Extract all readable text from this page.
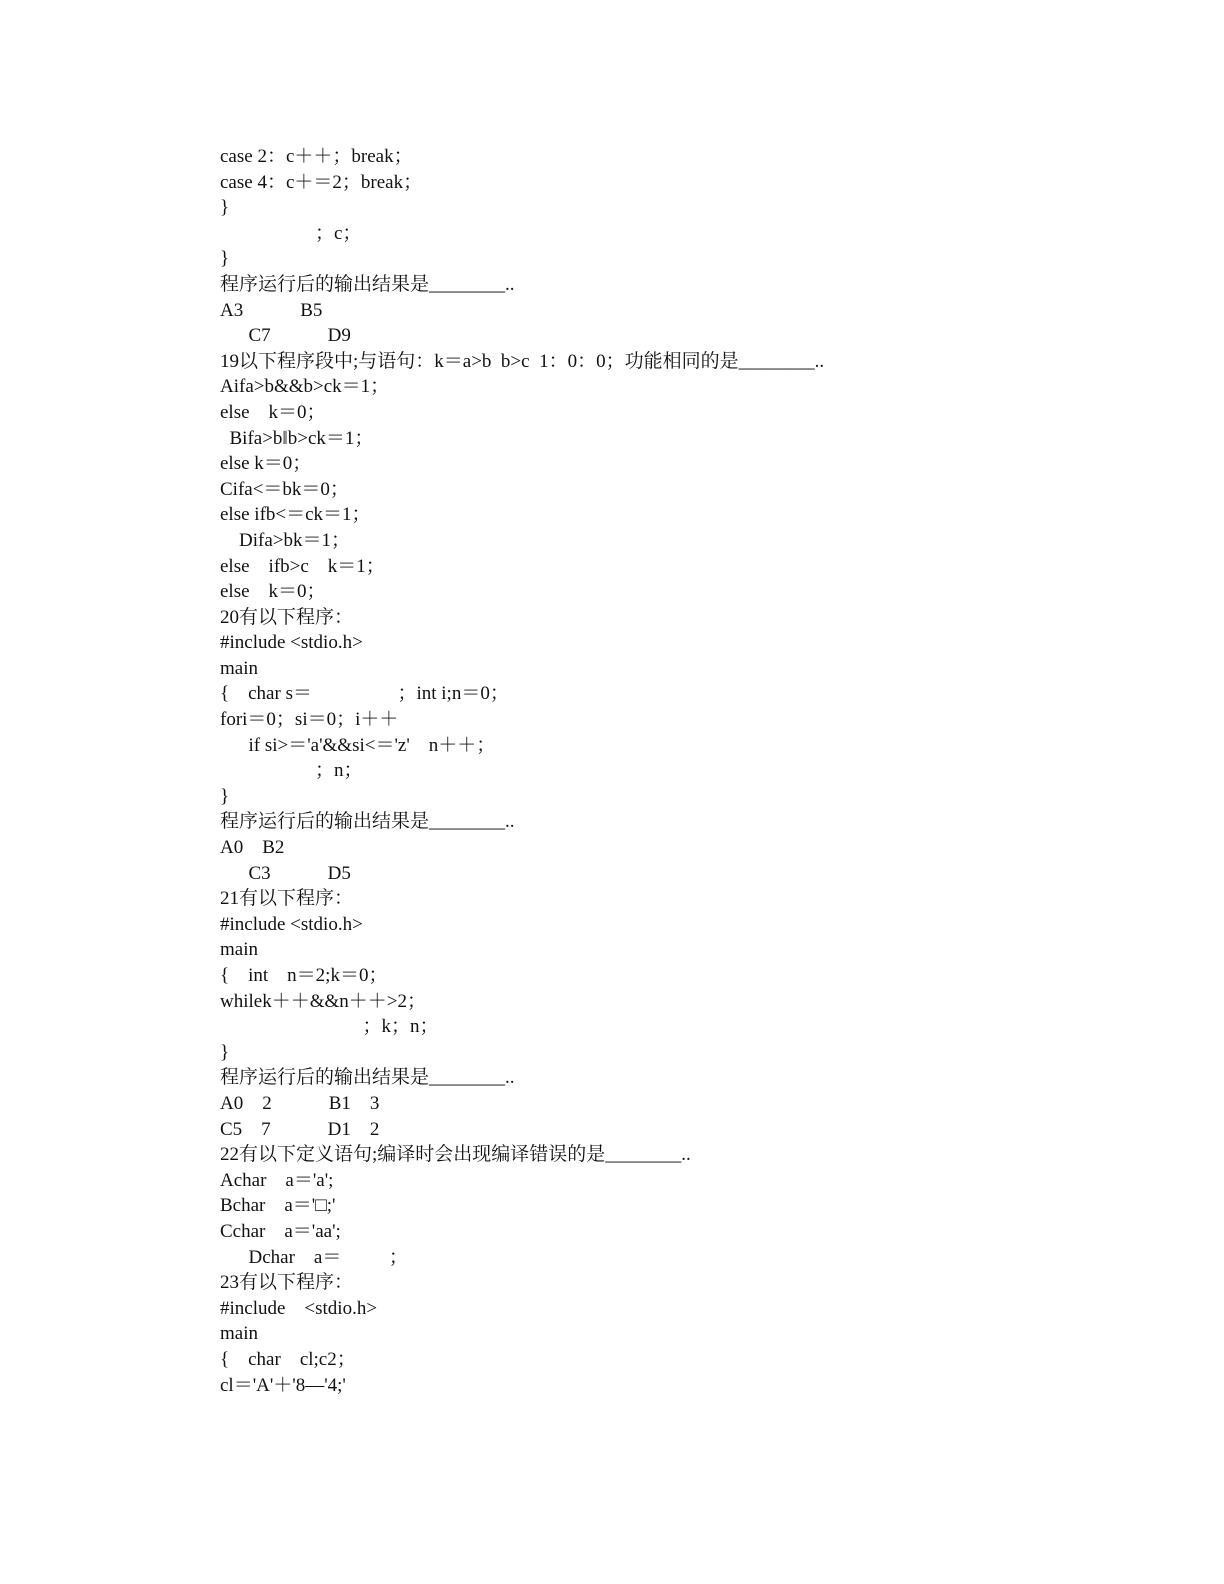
case 2：c＋＋；break；
case 4：c＋＝2；break；
}
；c；
}
程序运行后的输出结果是________..
A3            B5
C7            D9
19以下程序段中;与语句：k＝a>b  b>c  1：0：0；功能相同的是________..
Aifa>b&&b>ck＝1；
else    k＝0；
Bifa>b‖b>ck＝1；
else k＝0；
Cifa<＝bk＝0；
else ifb<＝ck＝1；
Difa>bk＝1；
else    ifb>c    k＝1；
else    k＝0；
20有以下程序：
#include <stdio.h>
main
{    char s＝                  ；int i;n＝0；
fori＝0；si＝0；i＋＋
if si>＝'a'&&si<＝'z'    n＋＋；
；n；
}
程序运行后的输出结果是________..
A0    B2
C3            D5
21有以下程序：
#include <stdio.h>
main
{    int    n＝2;k＝0；
whilek＋＋&&n＋＋>2；
；k；n；
}
程序运行后的输出结果是________..
A0    2            B1    3
C5    7            D1    2
22有以下定义语句;编译时会出现编译错误的是________..
Achar    a＝'a';
Bchar    a＝'□;'
Cchar    a＝'aa';
Dchar    a＝          ；
23有以下程序：
#include    <stdio.h>
main
{    char    cl;c2；
cl＝'A'＋'8—'4;'
